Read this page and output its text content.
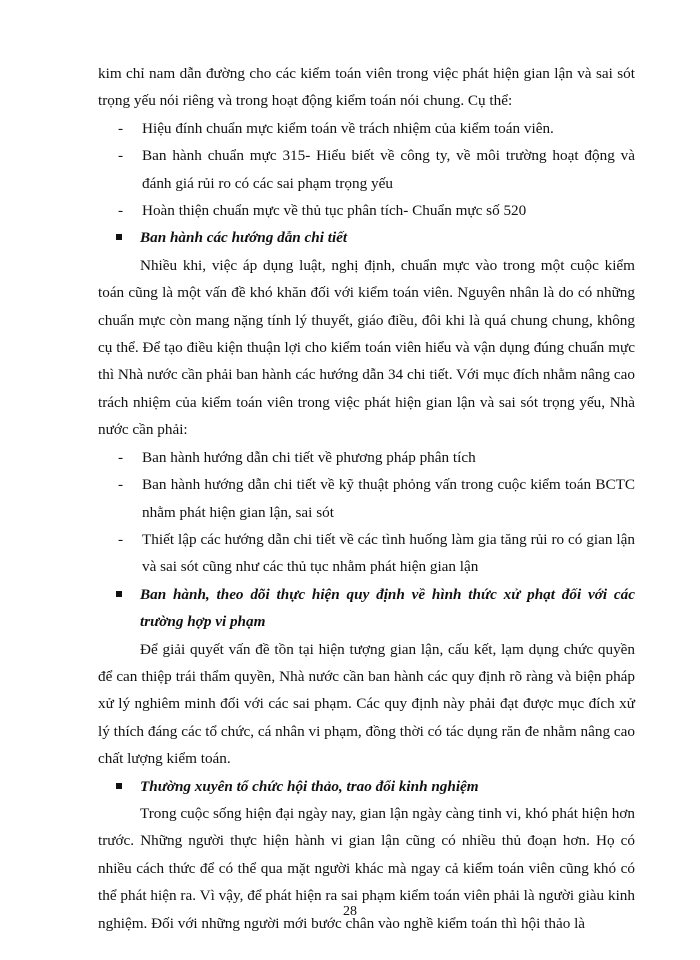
kim chỉ nam dẫn đường cho các kiểm toán viên trong việc phát hiện gian lận và sai sót trọng yếu nói riêng và trong hoạt động kiểm toán nói chung. Cụ thể:

- Hiệu đính chuẩn mực kiểm toán về trách nhiệm của kiểm toán viên.

- Ban hành chuẩn mực 315- Hiểu biết về công ty, về môi trường hoạt động và đánh giá rủi ro có các sai phạm trọng yếu

- Hoàn thiện chuẩn mực về thủ tục phân tích- Chuẩn mực số 520

Ban hành các hướng dẫn chi tiết

Nhiều khi, việc áp dụng luật, nghị định, chuẩn mực vào trong một cuộc kiểm toán cũng là một vấn đề khó khăn đối với kiểm toán viên. Nguyên nhân là do có những chuẩn mực còn mang nặng tính lý thuyết, giáo điều, đôi khi là quá chung chung, không cụ thể. Để tạo điều kiện thuận lợi cho kiểm toán viên hiểu và vận dụng đúng chuẩn mực thì Nhà nước cần phải ban hành các hướng dẫn 34 chi tiết. Với mục đích nhằm nâng cao trách nhiệm của kiểm toán viên trong việc phát hiện gian lận và sai sót trọng yếu, Nhà nước cần phải:

- Ban hành hướng dẫn chi tiết về phương pháp phân tích

- Ban hành hướng dẫn chi tiết về kỹ thuật phỏng vấn trong cuộc kiểm toán BCTC nhằm phát hiện gian lận, sai sót

- Thiết lập các hướng dẫn chi tiết về các tình huống làm gia tăng rủi ro có gian lận và sai sót cũng như các thủ tục nhằm phát hiện gian lận

Ban hành, theo dõi thực hiện quy định về hình thức xử phạt đối với các trường hợp vi phạm

Để giải quyết vấn đề tồn tại hiện tượng gian lận, cấu kết, lạm dụng chức quyền để can thiệp trái thẩm quyền, Nhà nước cần ban hành các quy định rõ ràng và biện pháp xử lý nghiêm minh đối với các sai phạm. Các quy định này phải đạt được mục đích xử lý thích đáng các tổ chức, cá nhân vi phạm, đồng thời có tác dụng răn đe nhằm nâng cao chất lượng kiểm toán.

Thường xuyên tổ chức hội thảo, trao đổi kinh nghiệm

Trong cuộc sống hiện đại ngày nay, gian lận ngày càng tinh vi, khó phát hiện hơn trước. Những người thực hiện hành vi gian lận cũng có nhiều thủ đoạn hơn. Họ có nhiều cách thức để có thể qua mặt người khác mà ngay cả kiểm toán viên cũng khó có thể phát hiện ra. Vì vậy, để phát hiện ra sai phạm kiểm toán viên phải là người giàu kinh nghiệm. Đối với những người mới bước chân vào nghề kiểm toán thì hội thảo là

28
